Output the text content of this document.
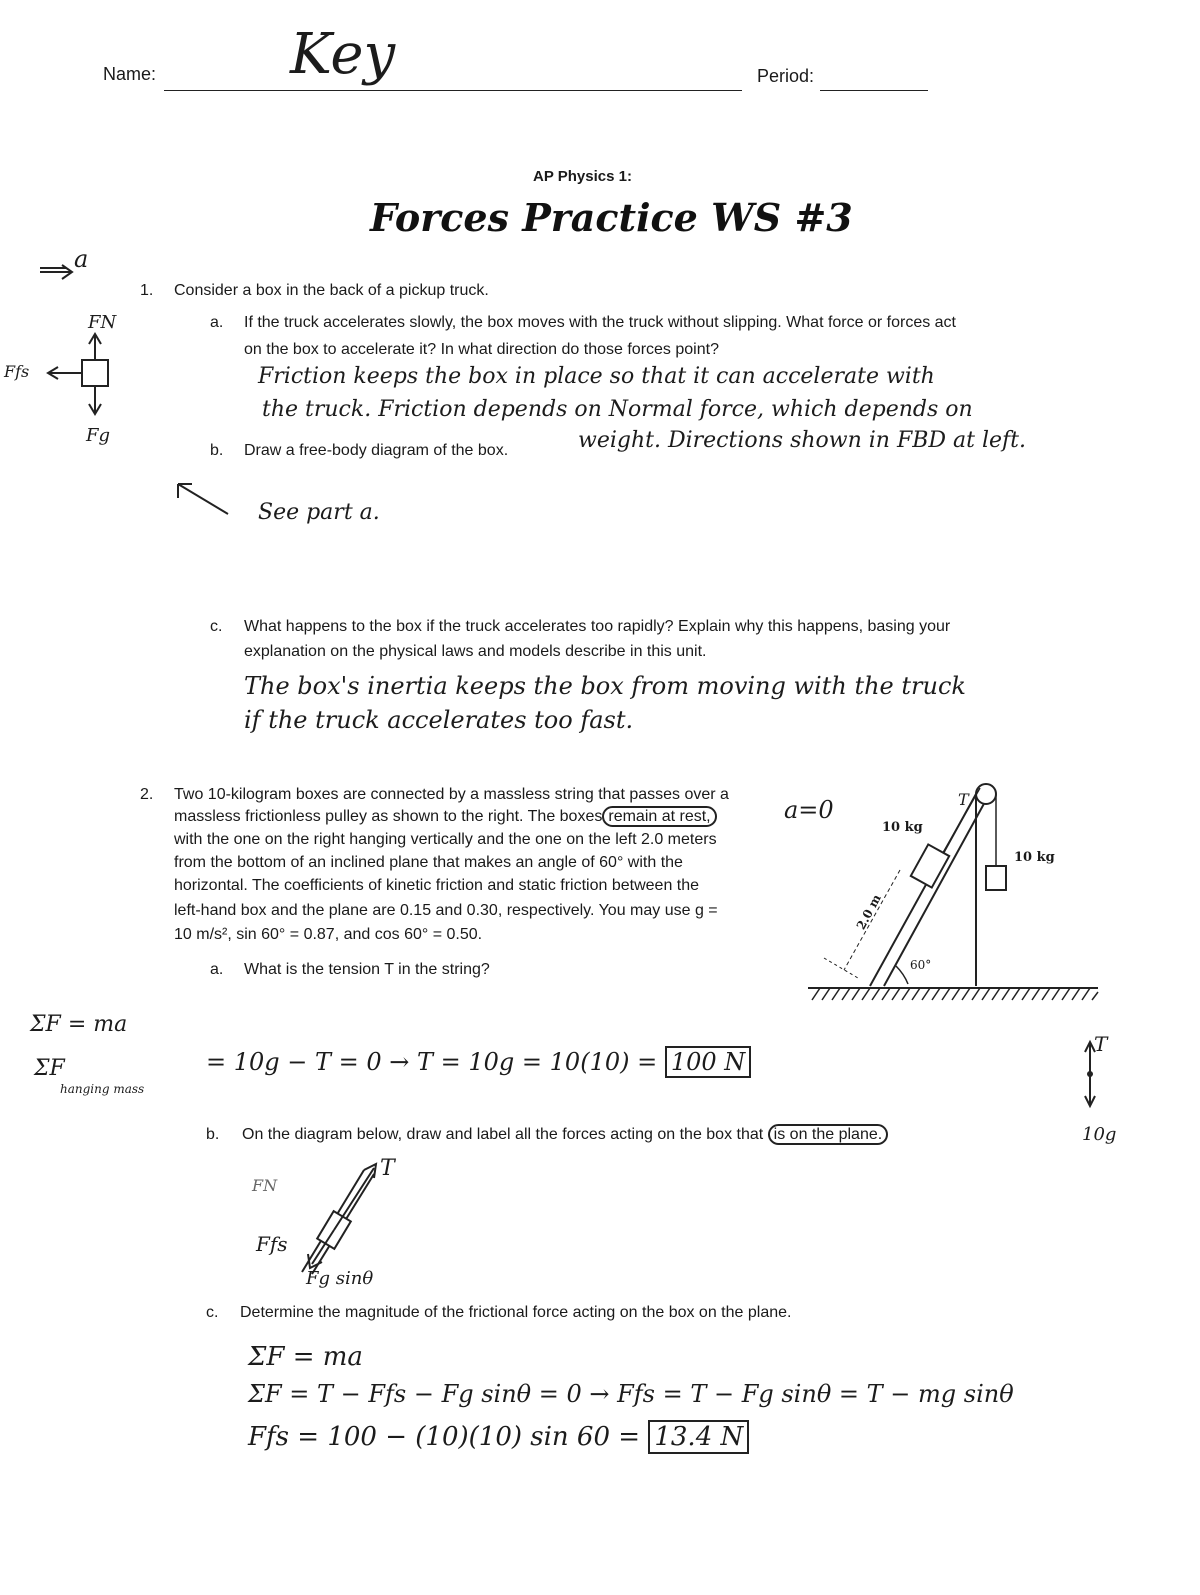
Name: Key	Period:
AP Physics 1:
Forces Practice WS #3
a
FN
Ffs
Fg
1. Consider a box in the back of a pickup truck.
a. If the truck accelerates slowly, the box moves with the truck without slipping. What force or forces act
on the box to accelerate it? In what direction do those forces point?
Friction keeps the box in place so that it can accelerate with
the truck. Friction depends on Normal force, which depends on
weight. Directions shown in FBD at left.
b. Draw a free-body diagram of the box.
See part a.
c. What happens to the box if the truck accelerates too rapidly? Explain why this happens, basing your
explanation on the physical laws and models describe in this unit.
The box's inertia keeps the box from moving with the truck
if the truck accelerates too fast.
2. Two 10-kilogram boxes are connected by a massless string that passes over a
massless frictionless pulley as shown to the right. The boxes remain at rest,	a=0
with the one on the right hanging vertically and the one on the left 2.0 meters
from the bottom of an inclined plane that makes an angle of 60° with the
horizontal. The coefficients of kinetic friction and static friction between the
left-hand box and the plane are 0.15 and 0.30, respectively. You may use g =
10 m/s², sin 60° = 0.87, and cos 60° = 0.50.
T
10 kg
10 kg
2.0 m
60°
a. What is the tension T in the string?
ΣF = ma
ΣF
hanging mass
= 10g − T = 0 → T = 10g = 10(10) = 100 N
T
10g
b. On the diagram below, draw and label all the forces acting on the box that is on the plane.
T
FN
Ffs
Fg sinθ
c. Determine the magnitude of the frictional force acting on the box on the plane.
ΣF = ma
ΣF = T − Ffs − Fg sinθ = 0 → Ffs = T − Fg sinθ = T − mg sinθ
Ffs = 100 − (10)(10) sin 60 = 13.4 N
